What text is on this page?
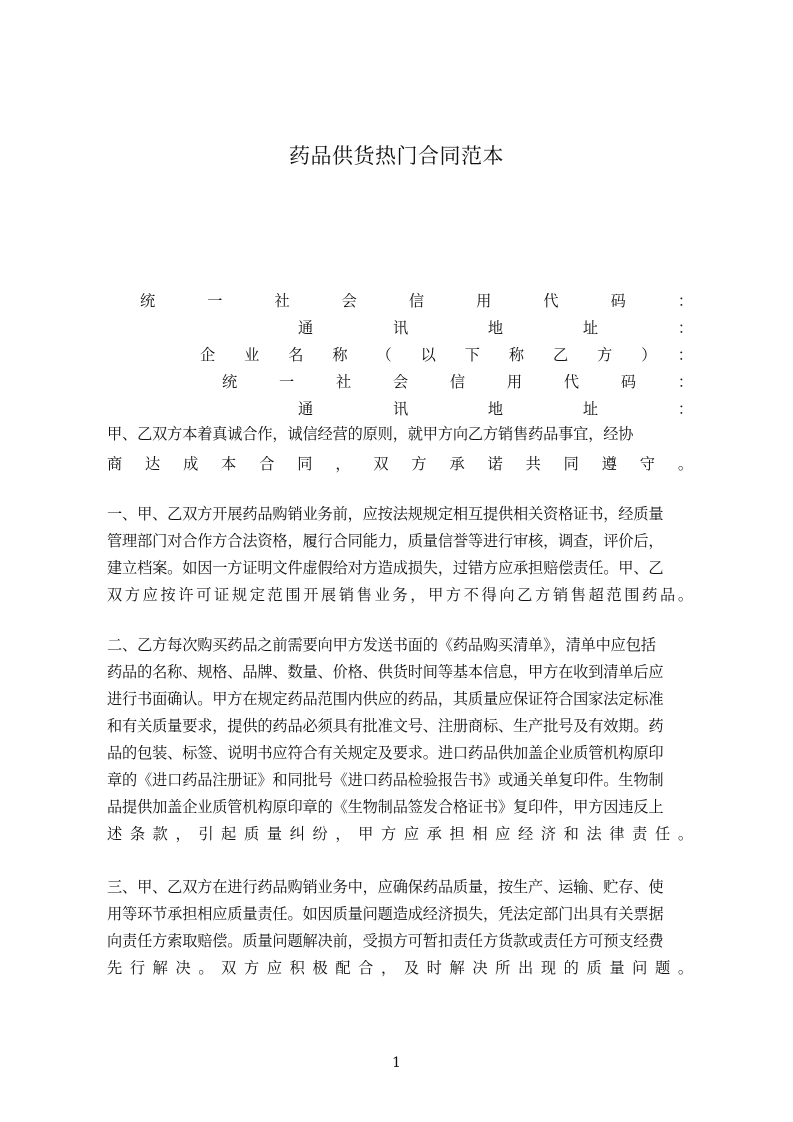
药品供货热门合同范本
统一社会信用代码：
通讯地址：
企业名称（以下称乙方）：
统一社会信用代码：
通讯地址：
甲、乙双方本着真诚合作，诚信经营的原则，就甲方向乙方销售药品事宜，经协
商达成本合同，双方承诺共同遵守。
一、甲、乙双方开展药品购销业务前，应按法规规定相互提供相关资格证书，经质量
管理部门对合作方合法资格，履行合同能力，质量信誉等进行审核，调查，评价后，
建立档案。如因一方证明文件虚假给对方造成损失，过错方应承担赔偿责任。甲、乙
双方应按许可证规定范围开展销售业务，甲方不得向乙方销售超范围药品。
二、乙方每次购买药品之前需要向甲方发送书面的《药品购买清单》，清单中应包括
药品的名称、规格、品牌、数量、价格、供货时间等基本信息，甲方在收到清单后应
进行书面确认。甲方在规定药品范围内供应的药品，其质量应保证符合国家法定标准
和有关质量要求，提供的药品必须具有批准文号、注册商标、生产批号及有效期。药
品的包装、标签、说明书应符合有关规定及要求。进口药品供加盖企业质管机构原印
章的《进口药品注册证》和同批号《进口药品检验报告书》或通关单复印件。生物制
品提供加盖企业质管机构原印章的《生物制品签发合格证书》复印件，甲方因违反上
述条款，引起质量纠纷，甲方应承担相应经济和法律责任。
三、甲、乙双方在进行药品购销业务中，应确保药品质量，按生产、运输、贮存、使
用等环节承担相应质量责任。如因质量问题造成经济损失，凭法定部门出具有关票据
向责任方索取赔偿。质量问题解决前，受损方可暂扣责任方货款或责任方可预支经费
先行解决。双方应积极配合，及时解决所出现的质量问题。
1
